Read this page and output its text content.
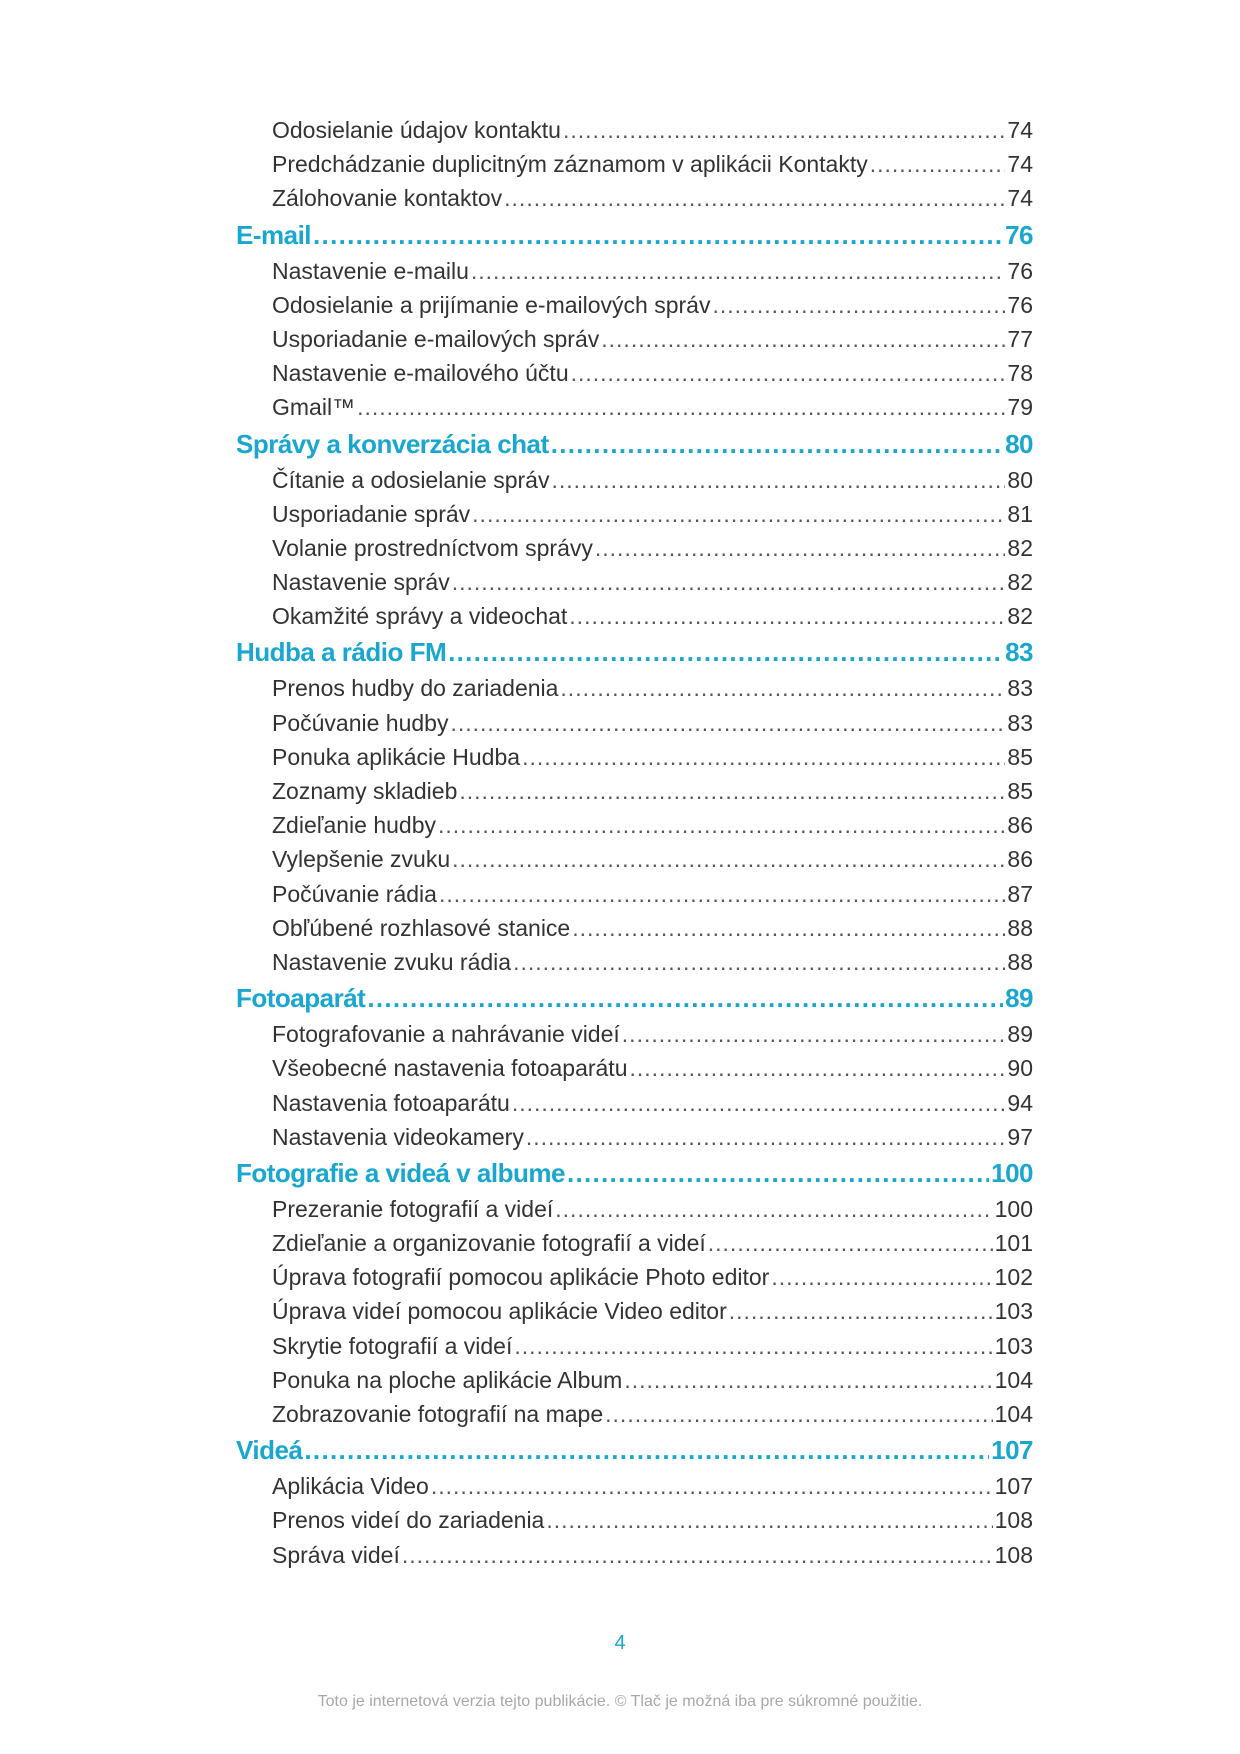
Odosielanie údajov kontaktu .....	74
Predchádzanie duplicitným záznamom v aplikácii Kontakty .....	74
Zálohovanie kontaktov .....	74
E-mail .....	76
Nastavenie e-mailu .....	76
Odosielanie a prijímanie e-mailových správ .....	76
Usporiadanie e-mailových správ .....	77
Nastavenie e-mailového účtu .....	78
Gmail™ .....	79
Správy a konverzácia chat .....	80
Čítanie a odosielanie správ .....	80
Usporiadanie správ .....	81
Volanie prostredníctvom správy .....	82
Nastavenie správ .....	82
Okamžité správy a videochat .....	82
Hudba a rádio FM .....	83
Prenos hudby do zariadenia .....	83
Počúvanie hudby .....	83
Ponuka aplikácie Hudba .....	85
Zoznamy skladieb .....	85
Zdieľanie hudby .....	86
Vylepšenie zvuku .....	86
Počúvanie rádia .....	87
Obľúbené rozhlasové stanice .....	88
Nastavenie zvuku rádia .....	88
Fotoaparát .....	89
Fotografovanie a nahrávanie videí .....	89
Všeobecné nastavenia fotoaparátu .....	90
Nastavenia fotoaparátu .....	94
Nastavenia videokamery .....	97
Fotografie a videá v albume .....	100
Prezeranie fotografií a videí .....	100
Zdieľanie a organizovanie fotografií a videí .....	101
Úprava fotografií pomocou aplikácie Photo editor .....	102
Úprava videí pomocou aplikácie Video editor .....	103
Skrytie fotografií a videí .....	103
Ponuka na ploche aplikácie Album .....	104
Zobrazovanie fotografií na mape .....	104
Videá .....	107
Aplikácia Video .....	107
Prenos videí do zariadenia .....	108
Správa videí .....	108
4
Toto je internetová verzia tejto publikácie. © Tlač je možná iba pre súkromné použitie.
